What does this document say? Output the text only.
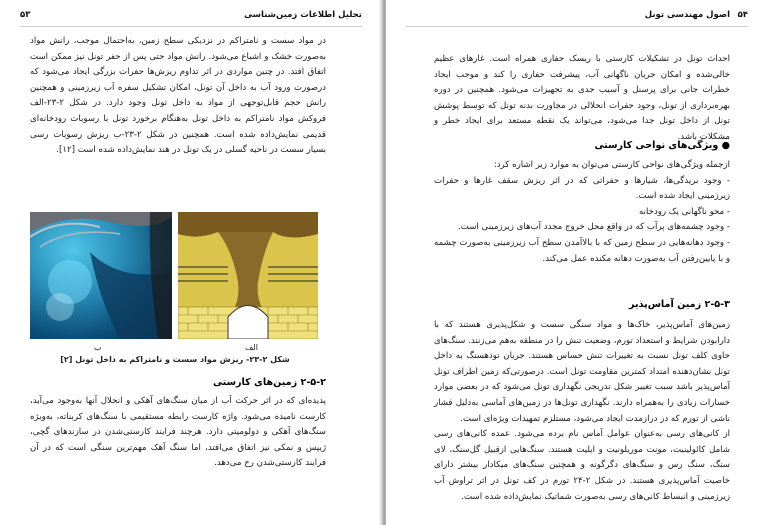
۵۳	تحلیل اطلاعات زمین‌شناسی

در مواد سست و نامتراکم در نزدیکی سطح زمین، به‌احتمال موجب، رانش مواد به‌صورت خشک و اشباع می‌شود. رانش مواد حتی پس از حفر تونل نیز ممکن است اتفاق افتد. در چنین مواردی در اثر تداوم ریزش‌ها حفرات بزرگی ایجاد می‌شود که درصورت ورود آب به داخل آن تونل، امکان تشکیل سفره آب زیرزمینی و همچنین رانش حجم قابل‌توجهی از مواد به داخل تونل وجود دارد. در شکل ۲-۲۳-الف فروکش مواد نامتراکم به داخل تونل به‌هنگام برخورد تونل با رسوبات رودخانه‌ای قدیمی نمایش‌داده شده است. همچنین در شکل ۲-۲۳-ب ریزش رسوبات رسی بسیار سست در ناحیه گسلی در یک تونل در هند نمایش‌داده شده است [۱۲].

ب	الف
شکل ۲-۲۳- ریزش مواد سست و نامتراکم به داخل تونل [۲]
۲-۵-۲ زمین‌های کارستی

پدیده‌ای که در اثر حرکت آب از میان سنگ‌های آهکی و انحلال آنها به‌وجود می‌آید، کارست نامیده می‌شود. واژه کارست رابطه مستقیمی با سنگ‌های کربناته، به‌ویژه سنگ‌های آهکی و دولومیتی دارد. هرچند فرایند کارستی‌شدن در سازندهای گچی، ژیپس و نمکی نیز اتفاق می‌افتد، اما سنگ آهک مهم‌ترین سنگی است که در آن فرایند کارستی‌شدن رخ می‌دهد.

اصول مهندسی تونل ۵۴

احداث تونل در تشکیلات کارستی با ریسک حفاری همراه است. غارهای عظیم خالی‌شده و امکان جریان ناگهانی آب، پیشرفت حفاری را کند و موجب ایجاد خطرات جانی برای پرسنل و آسیب جدی به تجهیزات می‌شود. همچنین در دوره بهره‌برداری از تونل، وجود حفرات انحلالی در مجاورت بدنه تونل که توسط پوشش تونل از داخل تونل جدا می‌شود، می‌تواند یک نقطه مستعد برای ایجاد خطر و مشکلات باشد.

● ویژگی‌های نواحی کارستی

ازجمله ویژگی‌های نواحی کارستی می‌توان به موارد زیر اشاره کرد:

- وجود بریدگی‌ها، شیارها و حفراتی که در اثر ریزش سقف غارها و حفرات زیرزمینی ایجاد شده است.

- محو ناگهانی یک رودخانه

- وجود چشمه‌های پرآب که در واقع محل خروج مجدد آب‌های زیرزمینی است.

- وجود دهانه‌هایی در سطح زمین که با بالاآمدن سطح آب زیرزمینی به‌صورت چشمه و با پایین‌رفتن آب به‌صورت دهانه مکنده عمل می‌کند.

۲-۵-۳ زمین آماس‌پذیر

زمین‌های آماس‌پذیر، خاک‌ها و مواد سنگی سست و شکل‌پذیری هستند که با دارابودن شرایط و استعداد تورم، وضعیت تنش را در منطقه به‌هم می‌زنند. سنگ‌های حاوی کلف تونل نسبت به تغییرات تنش حساس هستند. جریان تودهسنگ به داخل تونل نشان‌دهنده امتداد کمترین مقاومت تونل است. درصورتی‌که زمین اطراف تونل آماس‌پذیر باشد سبب تغییر شکل تدریجی نگهداری تونل می‌شود که در بعضی موارد خسارات زیادی را به‌همراه دارند. نگهداری تونل‌ها در زمین‌های آماسی به‌دلیل فشار ناشی از تورم که در درازمدت ایجاد می‌شود، مستلزم تمهیدات ویژه‌ای است.

از کانی‌های رسی به‌عنوان عوامل آماس نام برده می‌شود. عمده کانی‌های رسی شامل کائولینیت، مونت موریلونیت و ایلیت هستند. سنگ‌هایی ازقبیل گل‌سنگ، لای سنگ، سنگ رس و سنگ‌های دگرگونه و همچنین سنگ‌های میکادار بیشتر دارای خاصیت آماس‌پذیری هستند. در شکل ۲-۲۴ تورم در کف تونل در اثر تراوش آب زیرزمینی و انبساط کانی‌های رسی به‌صورت شماتیک نمایش‌داده شده است.
